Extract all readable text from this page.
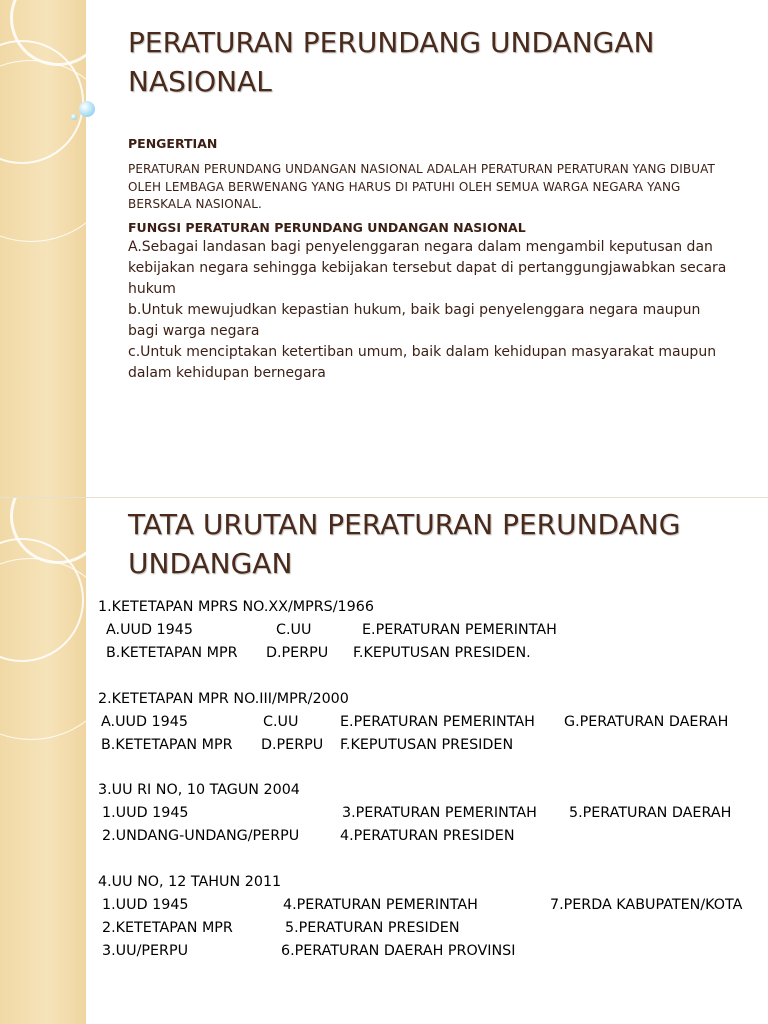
PERATURAN PERUNDANG UNDANGAN
NASIONAL
PENGERTIAN

PERATURAN PERUNDANG UNDANGAN NASIONAL ADALAH PERATURAN PERATURAN YANG DIBUAT OLEH LEMBAGA BERWENANG YANG HARUS DI PATUHI OLEH SEMUA WARGA NEGARA YANG BERSKALA NASIONAL.

FUNGSI PERATURAN PERUNDANG UNDANGAN NASIONAL

A.Sebagai landasan bagi penyelenggaran negara dalam mengambil keputusan dan kebijakan negara sehingga kebijakan tersebut dapat di pertanggungjawabkan secara hukum

b.Untuk mewujudkan kepastian hukum, baik bagi penyelenggara negara maupun bagi warga negara

c.Untuk menciptakan ketertiban umum, baik dalam kehidupan masyarakat maupun dalam kehidupan bernegara

TATA URUTAN PERATURAN PERUNDANG
UNDANGAN
1.KETETAPAN MPRS NO.XX/MPRS/1966
A.UUD 1945	C.UU	E.PERATURAN PEMERINTAH
B.KETETAPAN MPR	D.PERPU	F.KEPUTUSAN PRESIDEN.
2.KETETAPAN MPR NO.III/MPR/2000
A.UUD 1945	C.UU	E.PERATURAN PEMERINTAH	G.PERATURAN DAERAH
B.KETETAPAN MPR	D.PERPU	F.KEPUTUSAN PRESIDEN
3.UU RI NO, 10 TAGUN 2004
1.UUD 1945	3.PERATURAN PEMERINTAH	5.PERATURAN DAERAH
2.UNDANG-UNDANG/PERPU	4.PERATURAN PRESIDEN
4.UU NO, 12 TAHUN 2011
1.UUD 1945	4.PERATURAN PEMERINTAH	7.PERDA KABUPATEN/KOTA
2.KETETAPAN MPR	5.PERATURAN PRESIDEN
3.UU/PERPU	6.PERATURAN DAERAH PROVINSI
